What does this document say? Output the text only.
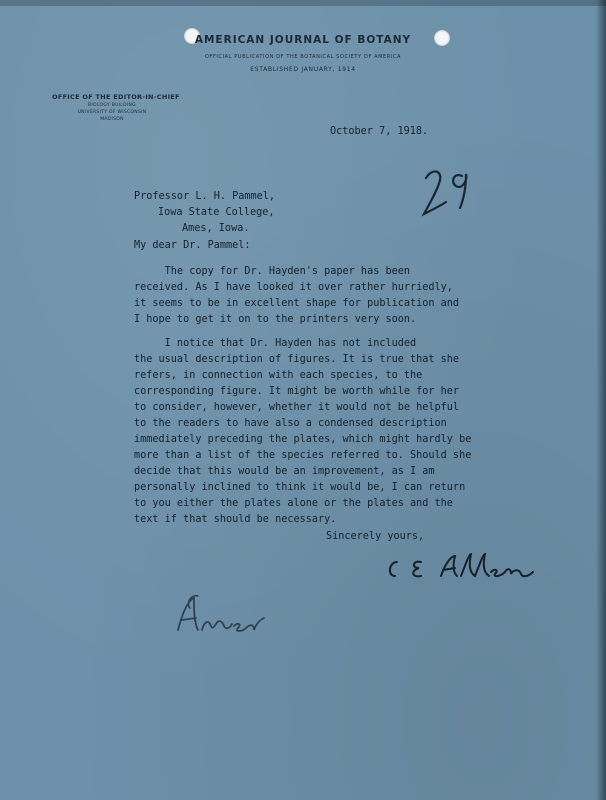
AMERICAN JOURNAL OF BOTANY
OFFICIAL PUBLICATION OF THE BOTANICAL SOCIETY OF AMERICA
ESTABLISHED JANUARY, 1914
OFFICE OF THE EDITOR-IN-CHIEF
BIOLOGY BUILDING
UNIVERSITY OF WISCONSIN
MADISON
October 7, 1918.
Professor L. H. Pammel,
Iowa State College,
Ames, Iowa.
My dear Dr. Pammel:
The copy for Dr. Hayden's paper has been
received. As I have looked it over rather hurriedly,
it seems to be in excellent shape for publication and
I hope to get it on to the printers very soon.
I notice that Dr. Hayden has not included
the usual description of figures. It is true that she
refers, in connection with each species, to the
corresponding figure. It might be worth while for her
to consider, however, whether it would not be helpful
to the readers to have also a condensed description
immediately preceding the plates, which might hardly be
more than a list of the species referred to. Should she
decide that this would be an improvement, as I am
personally inclined to think it would be, I can return
to you either the plates alone or the plates and the
text if that should be necessary.
Sincerely yours,
